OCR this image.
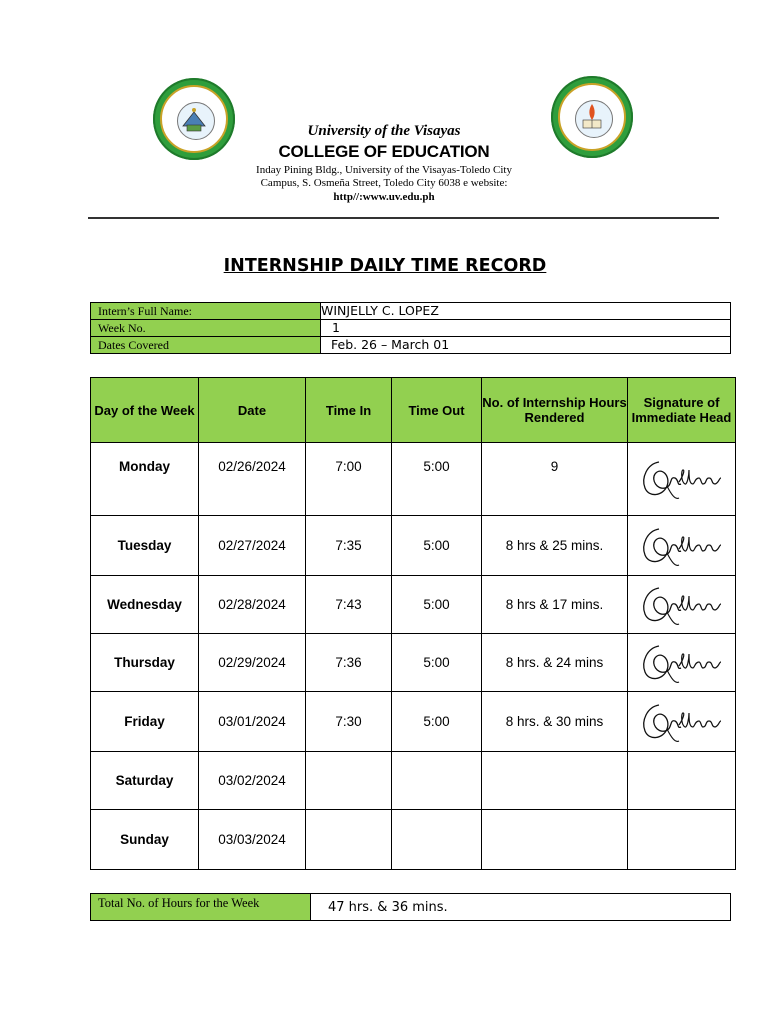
University of the Visayas
COLLEGE OF EDUCATION
Inday Pining Bldg., University of the Visayas-Toledo City
Campus, S. Osmeña Street, Toledo City 6038 e website:
http//:www.uv.edu.ph
INTERNSHIP DAILY TIME RECORD
Intern’s Full Name:	WINJELLY C. LOPEZ
Week No.	1
Dates Covered	Feb. 26 – March 01
Day of the Week	Date	Time In	Time Out	No. of Internship Hours Rendered	Signature of Immediate Head
Monday	02/26/2024	7:00	5:00	9	

Tuesday	02/27/2024	7:35	5:00	8 hrs & 25 mins.	

Wednesday	02/28/2024	7:43	5:00	8 hrs & 17 mins.	

Thursday	02/29/2024	7:36	5:00	8 hrs. & 24 mins	

Friday	03/01/2024	7:30	5:00	8 hrs. & 30 mins	

Saturday	03/02/2024				
Sunday	03/03/2024				
Total No. of Hours for the Week	47 hrs. & 36 mins.
